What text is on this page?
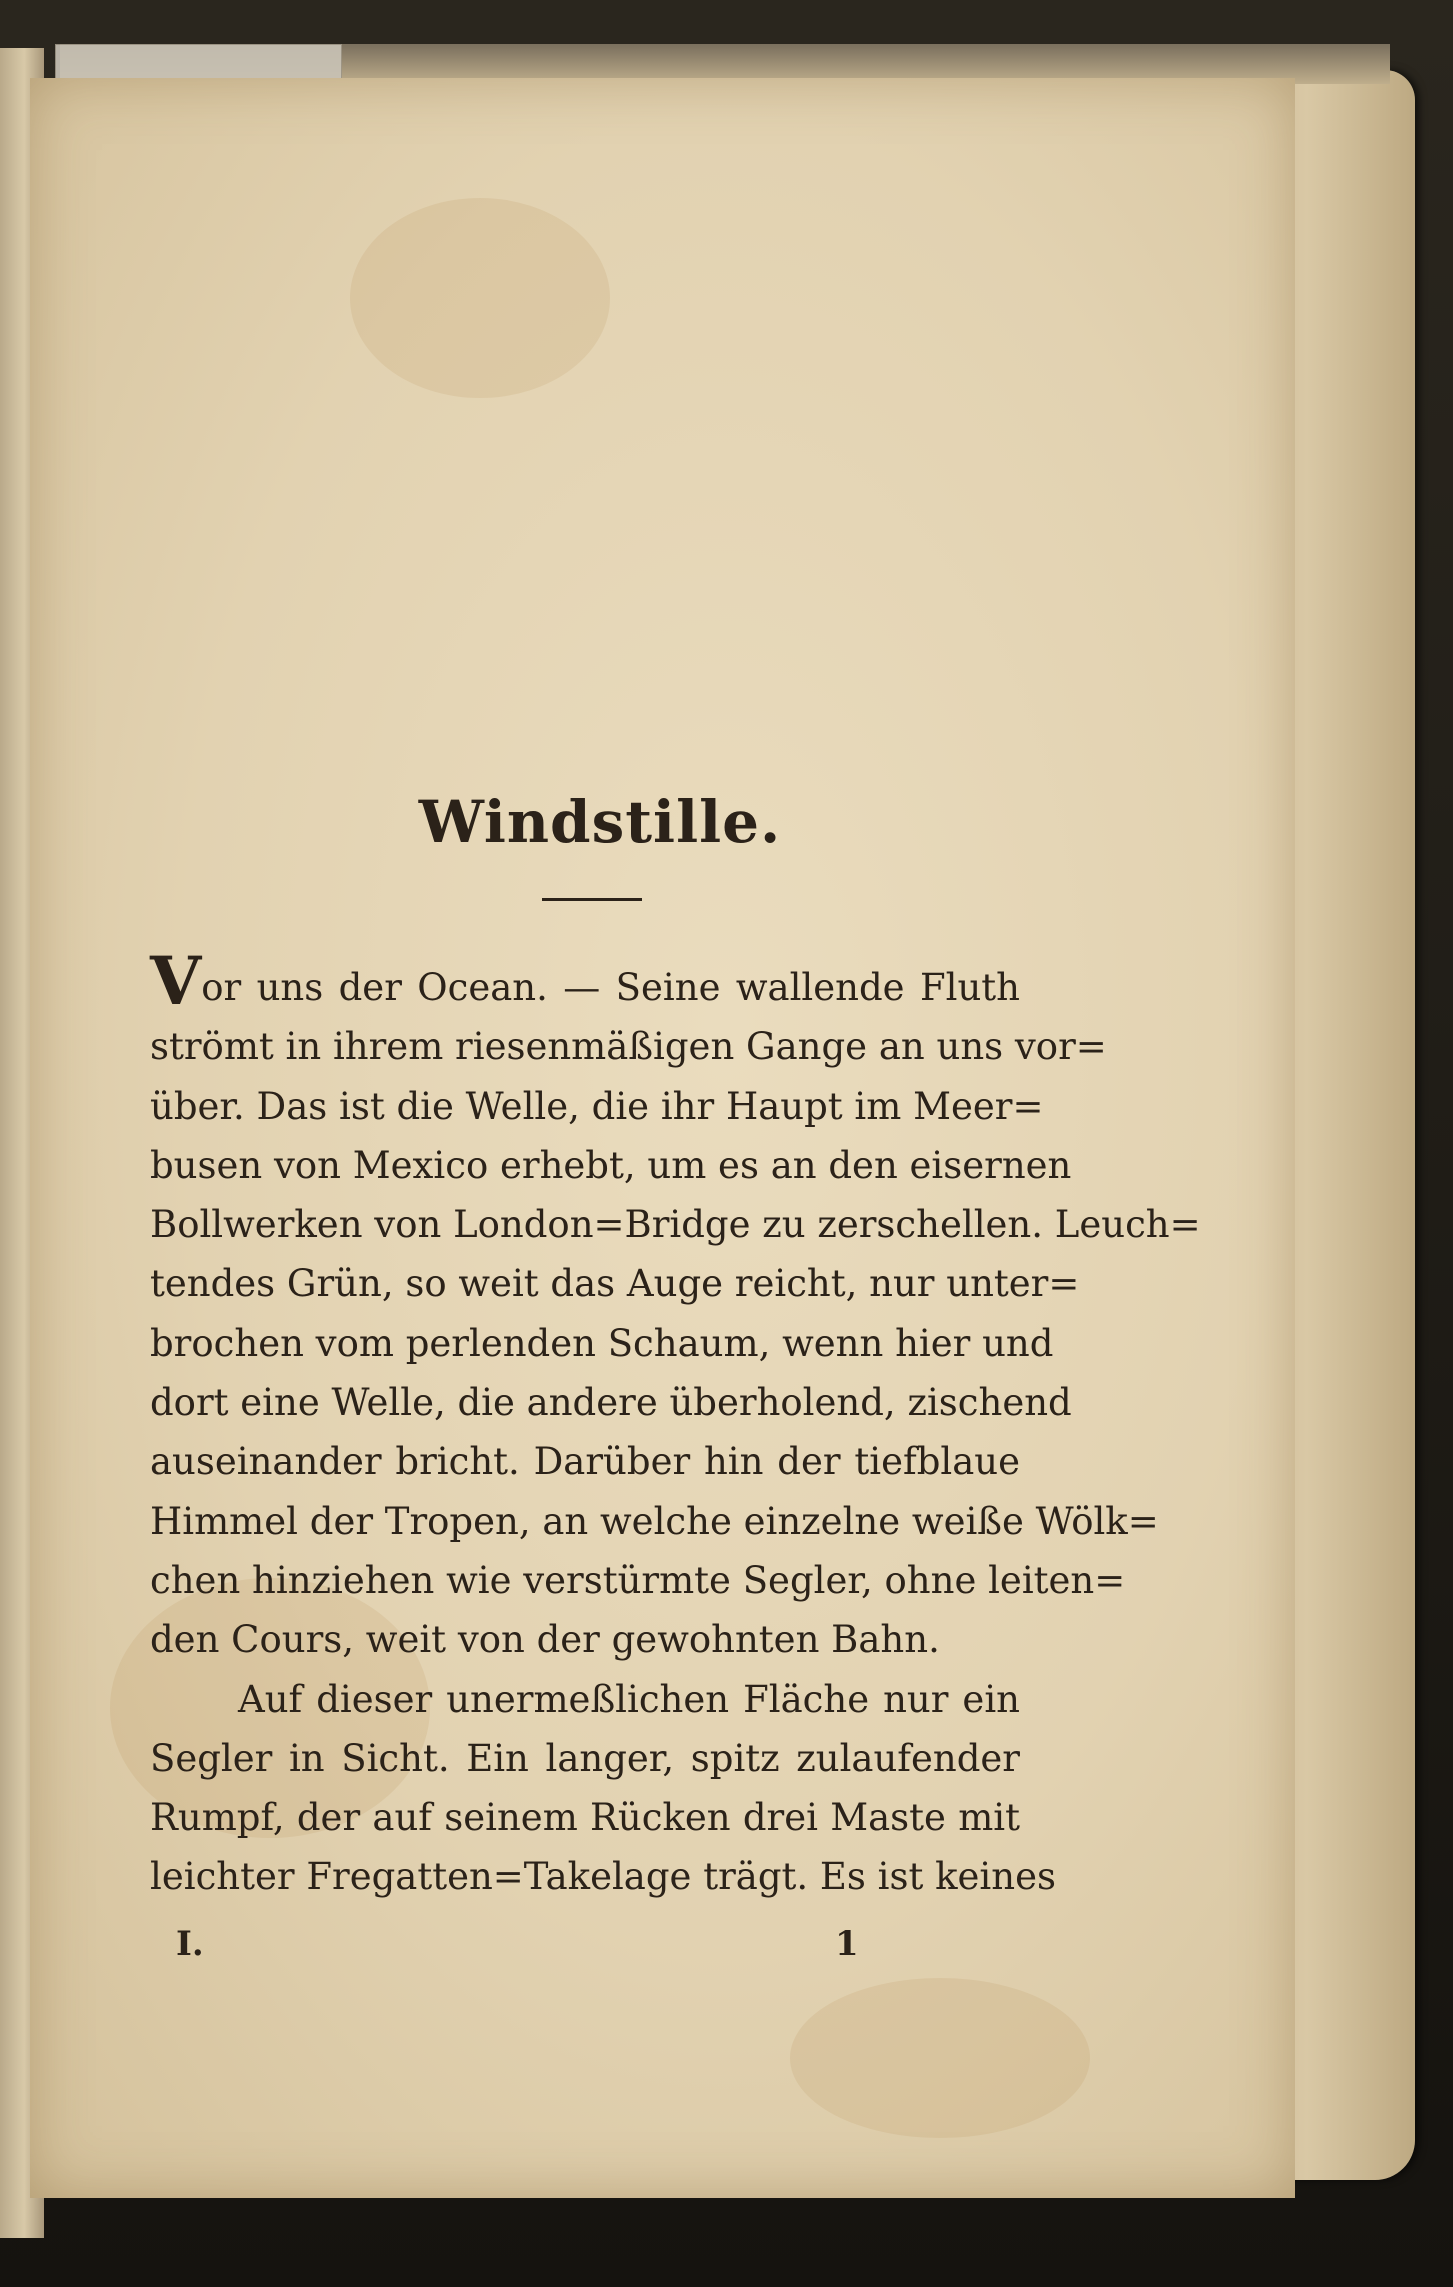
Windstille.
Vor uns der Ocean. — Seine wallende Fluth
strömt in ihrem riesenmäßigen Gange an uns vor=
über. Das ist die Welle, die ihr Haupt im Meer=
busen von Mexico erhebt, um es an den eisernen
Bollwerken von London=Bridge zu zerschellen. Leuch=
tendes Grün, so weit das Auge reicht, nur unter=
brochen vom perlenden Schaum, wenn hier und
dort eine Welle, die andere überholend, zischend
auseinander bricht. Darüber hin der tiefblaue
Himmel der Tropen, an welche einzelne weiße Wölk=
chen hinziehen wie verstürmte Segler, ohne leiten=
den Cours, weit von der gewohnten Bahn.
Auf dieser unermeßlichen Fläche nur ein
Segler in Sicht. Ein langer, spitz zulaufender
Rumpf, der auf seinem Rücken drei Maste mit
leichter Fregatten=Takelage trägt. Es ist keines
I.	1
